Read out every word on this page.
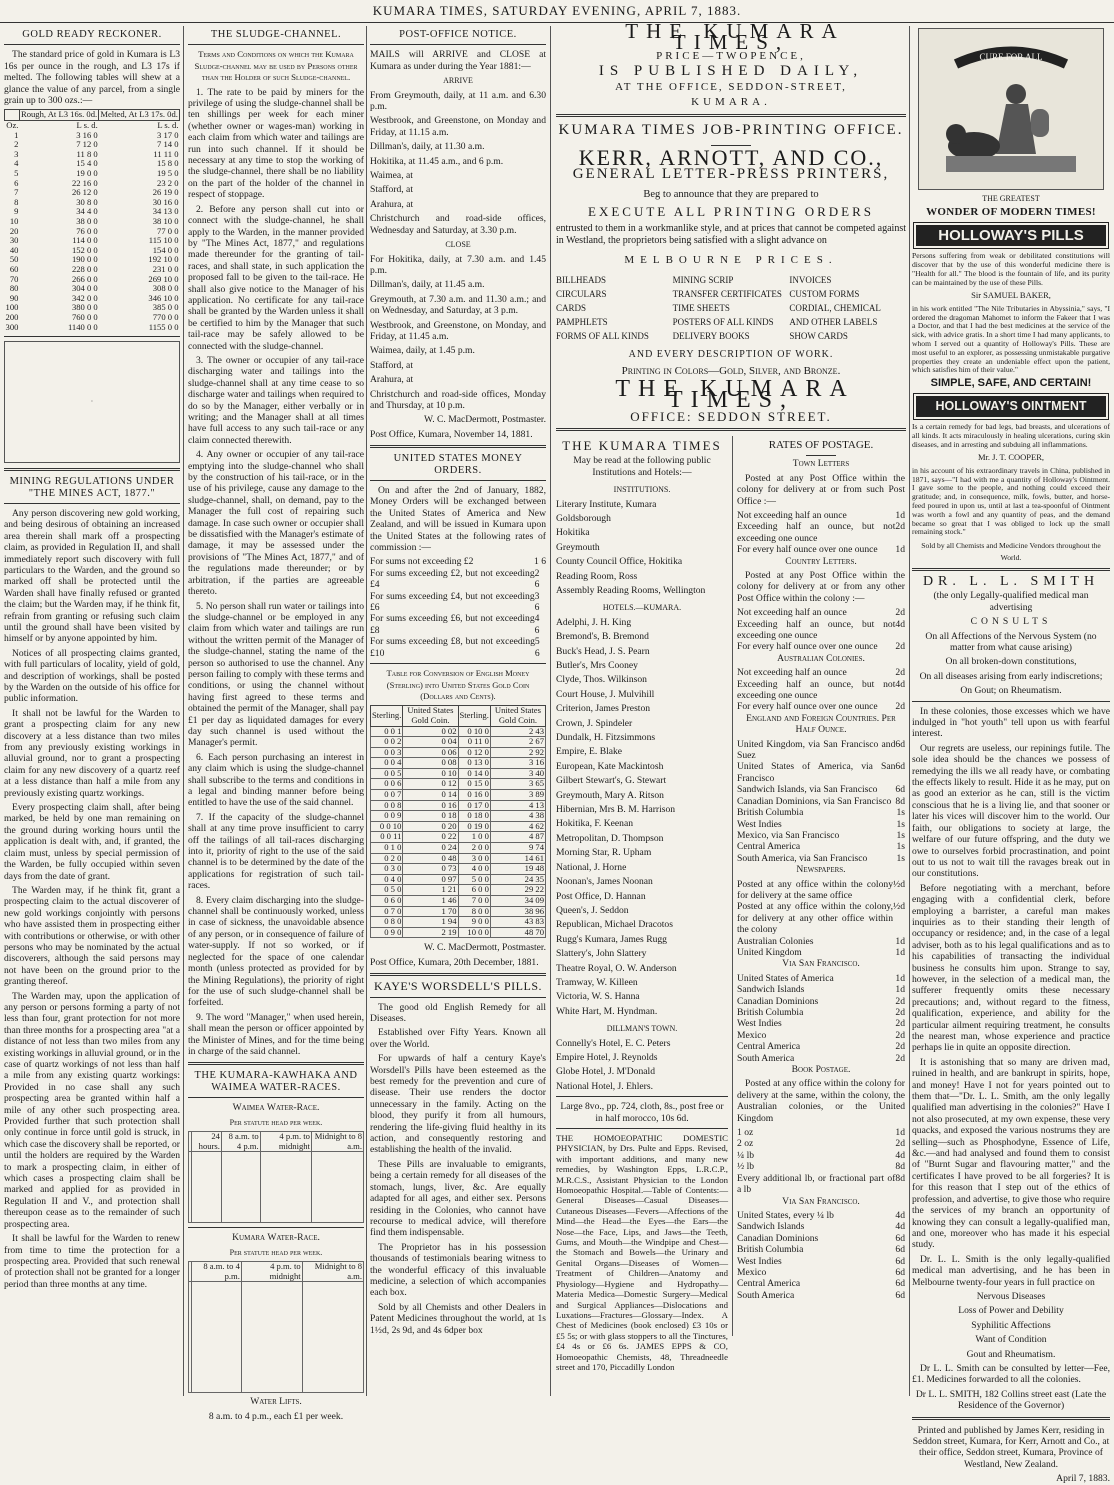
KUMARA TIMES, SATURDAY EVENING, APRIL 7, 1883.
GOLD READY RECKONER.

The standard price of gold in Kumara is L3 16s per ounce in the rough, and L3 17s if melted. The following tables will shew at a glance the value of any parcel, from a single grain up to 300 ozs.:—

	Rough, At L3 16s. 0d.	Melted, At L3 17s. 0d.
Oz.	L s. d.	L s. d.
1	3 16 0	3 17 0
2	7 12 0	7 14 0
3	11 8 0	11 11 0
4	15 4 0	15 8 0
5	19 0 0	19 5 0
6	22 16 0	23 2 0
7	26 12 0	26 19 0
8	30 8 0	30 16 0
9	34 4 0	34 13 0
10	38 0 0	38 10 0
20	76 0 0	77 0 0
30	114 0 0	115 10 0
40	152 0 0	154 0 0
50	190 0 0	192 10 0
60	228 0 0	231 0 0
70	266 0 0	269 10 0
80	304 0 0	308 0 0
90	342 0 0	346 10 0
100	380 0 0	385 0 0
200	760 0 0	770 0 0
300	1140 0 0	1155 0 0
·
MINING REGULATIONS UNDER "THE MINES ACT, 1877."

Any person discovering new gold working, and being desirous of obtaining an increased area therein shall mark off a prospecting claim, as provided in Regulation II, and shall immediately report such discovery with full particulars to the Warden, and the ground so marked off shall be protected until the Warden shall have finally refused or granted the claim; but the Warden may, if he think fit, refrain from granting or refusing such claim until the ground shall have been visited by himself or by anyone appointed by him.

Notices of all prospecting claims granted, with full particulars of locality, yield of gold, and description of workings, shall be posted by the Warden on the outside of his office for public information.

It shall not be lawful for the Warden to grant a prospecting claim for any new discovery at a less distance than two miles from any previously existing workings in alluvial ground, nor to grant a prospecting claim for any new discovery of a quartz reef at a less distance than half a mile from any previously existing quartz workings.

Every prospecting claim shall, after being marked, be held by one man remaining on the ground during working hours until the application is dealt with, and, if granted, the claim must, unless by special permission of the Warden, be fully occupied within seven days from the date of grant.

The Warden may, if he think fit, grant a prospecting claim to the actual discoverer of new gold workings conjointly with persons who have assisted them in prospecting either with contributions or otherwise, or with other persons who may be nominated by the actual discoverers, although the said persons may not have been on the ground prior to the granting thereof.

The Warden may, upon the application of any person or persons forming a party of not less than four, grant protection for not more than three months for a prospecting area "at a distance of not less than two miles from any existing workings in alluvial ground, or in the case of quartz workings of not less than half a mile from any existing quartz workings: Provided in no case shall any such prospecting area be granted within half a mile of any other such prospecting area. Provided further that such protection shall only continue in force until gold is struck, in which case the discovery shall be reported, or until the holders are required by the Warden to mark a prospecting claim, in either of which cases a prospecting claim shall be marked and applied for as provided in Regulation II and V., and protection shall thereupon cease as to the remainder of such prospecting area.

It shall be lawful for the Warden to renew from time to time the protection for a prospecting area. Provided that such renewal of protection shall not be granted for a longer period than three months at any time.

THE SLUDGE-CHANNEL.

Terms and Conditions on which the Kumara Sludge-channel may be used by Persons other than the Holder of such Sludge-channel.

1. The rate to be paid by miners for the privilege of using the sludge-channel shall be ten shillings per week for each miner (whether owner or wages-man) working in each claim from which water and tailings are run into such channel. If it should be necessary at any time to stop the working of the sludge-channel, there shall be no liability on the part of the holder of the channel in respect of stoppage.

2. Before any person shall cut into or connect with the sludge-channel, he shall apply to the Warden, in the manner provided by "The Mines Act, 1877," and regulations made thereunder for the granting of tail-races, and shall state, in such application the proposed fall to be given to the tail-race. He shall also give notice to the Manager of his application. No certificate for any tail-race shall be granted by the Warden unless it shall be certified to him by the Manager that such tail-race may be safely allowed to be connected with the sludge-channel.

3. The owner or occupier of any tail-race discharging water and tailings into the sludge-channel shall at any time cease to so discharge water and tailings when required to do so by the Manager, either verbally or in writing; and the Manager shall at all times have full access to any such tail-race or any claim connected therewith.

4. Any owner or occupier of any tail-race emptying into the sludge-channel who shall by the construction of his tail-race, or in the use of his privilege, cause any damage to the sludge-channel, shall, on demand, pay to the Manager the full cost of repairing such damage. In case such owner or occupier shall be dissatisfied with the Manager's estimate of damage, it may be assessed under the provisions of "The Mines Act, 1877," and of the regulations made thereunder; or by arbitration, if the parties are agreeable thereto.

5. No person shall run water or tailings into the sludge-channel or be employed in any claim from which water and tailings are run without the written permit of the Manager of the sludge-channel, stating the name of the person so authorised to use the channel. Any person failing to comply with these terms and conditions, or using the channel without having first agreed to these terms and obtained the permit of the Manager, shall pay £1 per day as liquidated damages for every day such channel is used without the Manager's permit.

6. Each person purchasing an interest in any claim which is using the sludge-channel shall subscribe to the terms and conditions in a legal and binding manner before being entitled to have the use of the said channel.

7. If the capacity of the sludge-channel shall at any time prove insufficient to carry off the tailings of all tail-races discharging into it, priority of right to the use of the said channel is to be determined by the date of the applications for registration of such tail-races.

8. Every claim discharging into the sludge-channel shall be continuously worked, unless in case of sickness, the unavoidable absence of any person, or in consequence of failure of water-supply. If not so worked, or if neglected for the space of one calendar month (unless protected as provided for by the Mining Regulations), the priority of right for the use of such sludge-channel shall be forfeited.

9. The word "Manager," when used herein, shall mean the person or officer appointed by the Minister of Mines, and for the time being in charge of the said channel.

THE KUMARA-KAWHAKA AND WAIMEA WATER-RACES.

Waimea Water-Race.

Per statute head per week.

	24 hours.	8 a.m. to 4 p.m.	4 p.m. to midnight	Midnight to 8 a.m.

Kumara Water-Race.

Per statute head per week.

	8 a.m. to 4 p.m.	4 p.m. to midnight	Midnight to 8 a.m.

Water Lifts.

8 a.m. to 4 p.m., each £1 per week.

POST-OFFICE NOTICE.

MAILS will ARRIVE and CLOSE at Kumara as under during the Year 1881:—

ARRIVE

From Greymouth, daily, at 11 a.m. and 6.30 p.m.

Westbrook, and Greenstone, on Monday and Friday, at 11.15 a.m.

Dillman's, daily, at 11.30 a.m.

Hokitika, at 11.45 a.m., and 6 p.m.

Waimea, at

Stafford, at

Arahura, at

Christchurch and road-side offices, Wednesday and Saturday, at 3.30 p.m.

CLOSE

For Hokitika, daily, at 7.30 a.m. and 1.45 p.m.

Dillman's, daily, at 11.45 a.m.

Greymouth, at 7.30 a.m. and 11.30 a.m.; and on Wednesday, and Saturday, at 3 p.m.

Westbrook, and Greenstone, on Monday, and Friday, at 11.45 a.m.

Waimea, daily, at 1.45 p.m.

Stafford, at

Arahura, at

Christchurch and road-side offices, Monday and Thursday, at 10 p.m.

W. C. MacDermott, Postmaster.

Post Office, Kumara, November 14, 1881.

UNITED STATES MONEY ORDERS.

On and after the 2nd of January, 1882, Money Orders will be exchanged between the United States of America and New Zealand, and will be issued in Kumara upon the United States at the following rates of commission :—

For sums not exceeding £2	1 6
For sums exceeding £2, but not exceeding £4
2 6
For sums exceeding £4, but not exceeding £6
3 6
For sums exceeding £6, but not exceeding £8
4 6
For sums exceeding £8, but not exceeding £10
5 6

Table for Conversion of English Money (Sterling) into United States Gold Coin (Dollars and Cents).

Sterling.	United States Gold Coin.	Sterling.	United States Gold Coin.
0 0 1	0 02	0 10 0	2 43
0 0 2	0 04	0 11 0	2 67
0 0 3	0 06	0 12 0	2 92
0 0 4	0 08	0 13 0	3 16
0 0 5	0 10	0 14 0	3 40
0 0 6	0 12	0 15 0	3 65
0 0 7	0 14	0 16 0	3 89
0 0 8	0 16	0 17 0	4 13
0 0 9	0 18	0 18 0	4 38
0 0 10	0 20	0 19 0	4 62
0 0 11	0 22	1 0 0	4 87
0 1 0	0 24	2 0 0	9 74
0 2 0	0 48	3 0 0	14 61
0 3 0	0 73	4 0 0	19 48
0 4 0	0 97	5 0 0	24 35
0 5 0	1 21	6 0 0	29 22
0 6 0	1 46	7 0 0	34 09
0 7 0	1 70	8 0 0	38 96
0 8 0	1 94	9 0 0	43 83
0 9 0	2 19	10 0 0	48 70

W. C. MacDermott, Postmaster.

Post Office, Kumara, 20th December, 1881.

KAYE'S WORSDELL'S PILLS.

The good old English Remedy for all Diseases.

Established over Fifty Years. Known all over the World.

For upwards of half a century Kaye's Worsdell's Pills have been esteemed as the best remedy for the prevention and cure of disease. Their use renders the doctor unnecessary in the family. Acting on the blood, they purify it from all humours, rendering the life-giving fluid healthy in its action, and consequently restoring and establishing the health of the invalid.

These Pills are invaluable to emigrants, being a certain remedy for all diseases of the stomach, lungs, liver, &c. Are equally adapted for all ages, and either sex. Persons residing in the Colonies, who cannot have recourse to medical advice, will therefore find them indispensable.

The Proprietor has in his possession thousands of testimonials bearing witness to the wonderful efficacy of this invaluable medicine, a selection of which accompanies each box.

Sold by all Chemists and other Dealers in Patent Medicines throughout the world, at 1s 1½d, 2s 9d, and 4s 6dper box

THE KUMARA TIMES,

PRICE—TWOPENCE,

IS PUBLISHED DAILY,

AT THE OFFICE, SEDDON-STREET,

KUMARA.

KUMARA TIMES JOB-PRINTING OFFICE.

KERR, ARNOTT, AND CO.,

GENERAL LETTER-PRESS PRINTERS,

Beg to announce that they are prepared to

EXECUTE ALL PRINTING ORDERS

entrusted to them in a workmanlike style, and at prices that cannot be competed against in Westland, the proprietors being satisfied with a slight advance on

MELBOURNE PRICES.

BILLHEADS

CIRCULARS

CARDS

PAMPHLETS

FORMS OF ALL KINDS

MINING SCRIP

TRANSFER CERTIFICATES

TIME SHEETS

POSTERS OF ALL KINDS

DELIVERY BOOKS

INVOICES

CUSTOM FORMS

CORDIAL, CHEMICAL

AND OTHER LABELS

SHOW CARDS

AND EVERY DESCRIPTION OF WORK.

Printing in Colors—Gold, Silver, and Bronze.

THE KUMARA TIMES,

OFFICE: SEDDON STREET.

THE KUMARA TIMES

May be read at the following public Institutions and Hotels:—

INSTITUTIONS.

Literary Institute, Kumara

Goldsborough

Hokitika

Greymouth

County Council Office, Hokitika

Reading Room, Ross

Assembly Reading Rooms, Wellington

HOTELS.—KUMARA.

Adelphi, J. H. King

Bremond's, B. Bremond

Buck's Head, J. S. Pearn

Butler's, Mrs Cooney

Clyde, Thos. Wilkinson

Court House, J. Mulvihill

Criterion, James Preston

Crown, J. Spindeler

Dundalk, H. Fitzsimmons

Empire, E. Blake

European, Kate Mackintosh

Gilbert Stewart's, G. Stewart

Greymouth, Mary A. Ritson

Hibernian, Mrs B. M. Harrison

Hokitika, F. Keenan

Metropolitan, D. Thompson

Morning Star, R. Upham

National, J. Horne

Noonan's, James Noonan

Post Office, D. Hannan

Queen's, J. Seddon

Republican, Michael Dracotos

Rugg's Kumara, James Rugg

Slattery's, John Slattery

Theatre Royal, O. W. Anderson

Tramway, W. Killeen

Victoria, W. S. Hanna

White Hart, M. Hyndman.

DILLMAN'S TOWN.

Connelly's Hotel, E. C. Peters

Empire Hotel, J. Reynolds

Globe Hotel, J. M'Donald

National Hotel, J. Ehlers.

Large 8vo., pp. 724, cloth, 8s., post free or in half morocco, 10s 6d.

THE HOMOEOPATHIC DOMESTIC PHYSICIAN, by Drs. Pulte and Epps. Revised, with important additions, and many new remedies, by Washington Epps, L.R.C.P., M.R.C.S., Assistant Physician to the London Homoeopathic Hospital.—Table of Contents:—General Diseases—Casual Diseases—Cutaneous Diseases—Fevers—Affections of the Mind—the Head—the Eyes—the Ears—the Nose—the Face, Lips, and Jaws—the Teeth, Gums, and Mouth—the Windpipe and Chest—the Stomach and Bowels—the Urinary and Genital Organs—Diseases of Women—Treatment of Children—Anatomy and Physiology—Hygiene and Hydropathy—Materia Medica—Domestic Surgery—Medical and Surgical Appliances—Dislocations and Luxations—Fractures—Glossary—Index. A Chest of Medicines (book enclosed) £3 10s or £5 5s; or with glass stoppers to all the Tinctures, £4 4s or £6 6s. JAMES EPPS & CO, Homoeopathic Chemists, 48, Threadneedle street and 170, Piccadilly London

RATES OF POSTAGE.

Town Letters

Posted at any Post Office within the colony for delivery at or from such Post Office :—

Not exceeding half an ounce	1d
Exceeding half an ounce, but not exceeding one ounce
2d
For every half ounce over one ounce 1d

Country Letters.

Posted at any Post Office within the colony for delivery at or from any other Post Office within the colony :—

Not exceeding half an ounce	2d
Exceeding half an ounce, but not exceeding one ounce
4d
For every half ounce over one ounce 2d

Australian Colonies.

Not exceeding half an ounce	2d
Exceeding half an ounce, but not exceeding one ounce
4d
For every half ounce over one ounce 2d

England and Foreign Countries. Per Half Ounce.

United Kingdom, via San Francisco and Suez
6d
United States of America, via San Francisco
6d
Sandwich Islands, via San Francisco 6d
Canadian Dominions, via San Francisco 8d
British Columbia	1s
West Indies	1s
Mexico, via San Francisco	1s
Central America	1s
South America, via San Francisco	1s

Newspapers.

Posted at any office within the colony for delivery at the same office
½d
Posted at any office within the colony, for delivery at any other office within the colony
½d
Australian Colonies	1d
United Kingdom	1d

Via San Francisco.

United States of America	1d
Sandwich Islands	1d
Canadian Dominions	2d
British Columbia	2d
West Indies	2d
Mexico	2d
Central America	2d
South America	2d

Book Postage.

Posted at any office within the colony for delivery at the same, within the colony, the Australian colonies, or the United Kingdom

1 oz	1d
2 oz	2d
¼ lb	4d
½ lb	8d
Every additional lb, or fractional part of a lb
8d

Via San Francisco.

United States, every ¼ lb	4d
Sandwich Islands	4d
Canadian Dominions	6d
British Columbia	6d
West Indies	6d
Mexico	6d
Central America	6d
South America	6d
CURE FOR ALL

THE GREATEST

WONDER OF MODERN TIMES!

HOLLOWAY'S PILLS

Persons suffering from weak or debilitated constitutions will discover that by the use of this wonderful medicine there is "Health for all." The blood is the fountain of life, and its purity can be maintained by the use of these Pills.

Sir SAMUEL BAKER,

in his work entitled "The Nile Tributaries in Abyssinia," says, "I ordered the dragoman Mahomet to inform the Fakeer that I was a Doctor, and that I had the best medicines at the service of the sick, with advice gratis. In a short time I had many applicants, to whom I served out a quantity of Holloway's Pills. These are most useful to an explorer, as possessing unmistakable purgative properties they create an undeniable effect upon the patient, which satisfies him of their value."

SIMPLE, SAFE, AND CERTAIN!

HOLLOWAY'S OINTMENT

Is a certain remedy for bad legs, bad breasts, and ulcerations of all kinds. It acts miraculously in healing ulcerations, curing skin diseases, and in arresting and subduing all inflammations.

Mr. J. T. COOPER,

in his account of his extraordinary travels in China, published in 1871, says—"I had with me a quantity of Holloway's Ointment. I gave some to the people, and nothing could exceed their gratitude; and, in consequence, milk, fowls, butter, and horse-feed poured in upon us, until at last a tea-spoonful of Ointment was worth a fowl and any quantity of peas, and the demand became so great that I was obliged to lock up the small remaining stock."

Sold by all Chemists and Medicine Vendors throughout the World.

DR. L. L. SMITH

(the only Legally-qualified medical man advertising

CONSULTS

On all Affections of the Nervous System (no matter from what cause arising)

On all broken-down constitutions,

On all diseases arising from early indiscretions;

On Gout; on Rheumatism.

In these colonies, those excesses which we have indulged in "hot youth" tell upon us with fearful interest.

Our regrets are useless, our repinings futile. The sole idea should be the chances we possess of remedying the ills we all ready have, or combating the effects likely to result. Hide it as he may, put on as good an exterior as he can, still is the victim conscious that he is a living lie, and that sooner or later his vices will discover him to the world. Our faith, our obligations to society at large, the welfare of our future offspring, and the duty we owe to ourselves forbid procrastination, and point out to us not to wait till the ravages break out in our constitutions.

Before negotiating with a merchant, before engaging with a confidential clerk, before employing a barrister, a careful man makes inquiries as to their standing their length of occupancy or residence; and, in the case of a legal adviser, both as to his legal qualifications and as to his capabilities of transacting the individual business he consults him upon. Strange to say, however, in the selection of a medical man, the sufferer frequently omits these necessary precautions; and, without regard to the fitness, qualification, experience, and ability for the particular ailment requiring treatment, he consults the nearest man, whose experience and practice perhaps lie in quite an opposite direction.

It is astonishing that so many are driven mad, ruined in health, and are bankrupt in spirits, hope, and money! Have I not for years pointed out to them that—"Dr. L. L. Smith, am the only legally qualified man advertising in the colonies?" Have I not also prosecuted, at my own expense, these very quacks, and exposed the various nostrums they are selling—such as Phosphodyne, Essence of Life, &c.—and had analysed and found them to consist of "Burnt Sugar and flavouring matter," and the certificates I have proved to be all forgeries? It is for this reason that I step out of the ethics of profession, and advertise, to give those who require the services of my branch an opportunity of knowing they can consult a legally-qualified man, and one, moreover who has made it his especial study.

Dr. L. L. Smith is the only legally-qualified medical man advertising, and he has been in Melbourne twenty-four years in full practice on

Nervous Diseases

Loss of Power and Debility

Syphilitic Affections

Want of Condition

Gout and Rheumatism.

Dr L. L. Smith can be consulted by letter—Fee, £1. Medicines forwarded to all the colonies.

Dr L. L. SMITH, 182 Collins street east (Late the Residence of the Governor)

Printed and published by James Kerr, residing in Seddon street, Kumara, for Kerr, Arnott and Co., at their office, Seddon street, Kumara, Province of Westland, New Zealand.

April 7, 1883.
